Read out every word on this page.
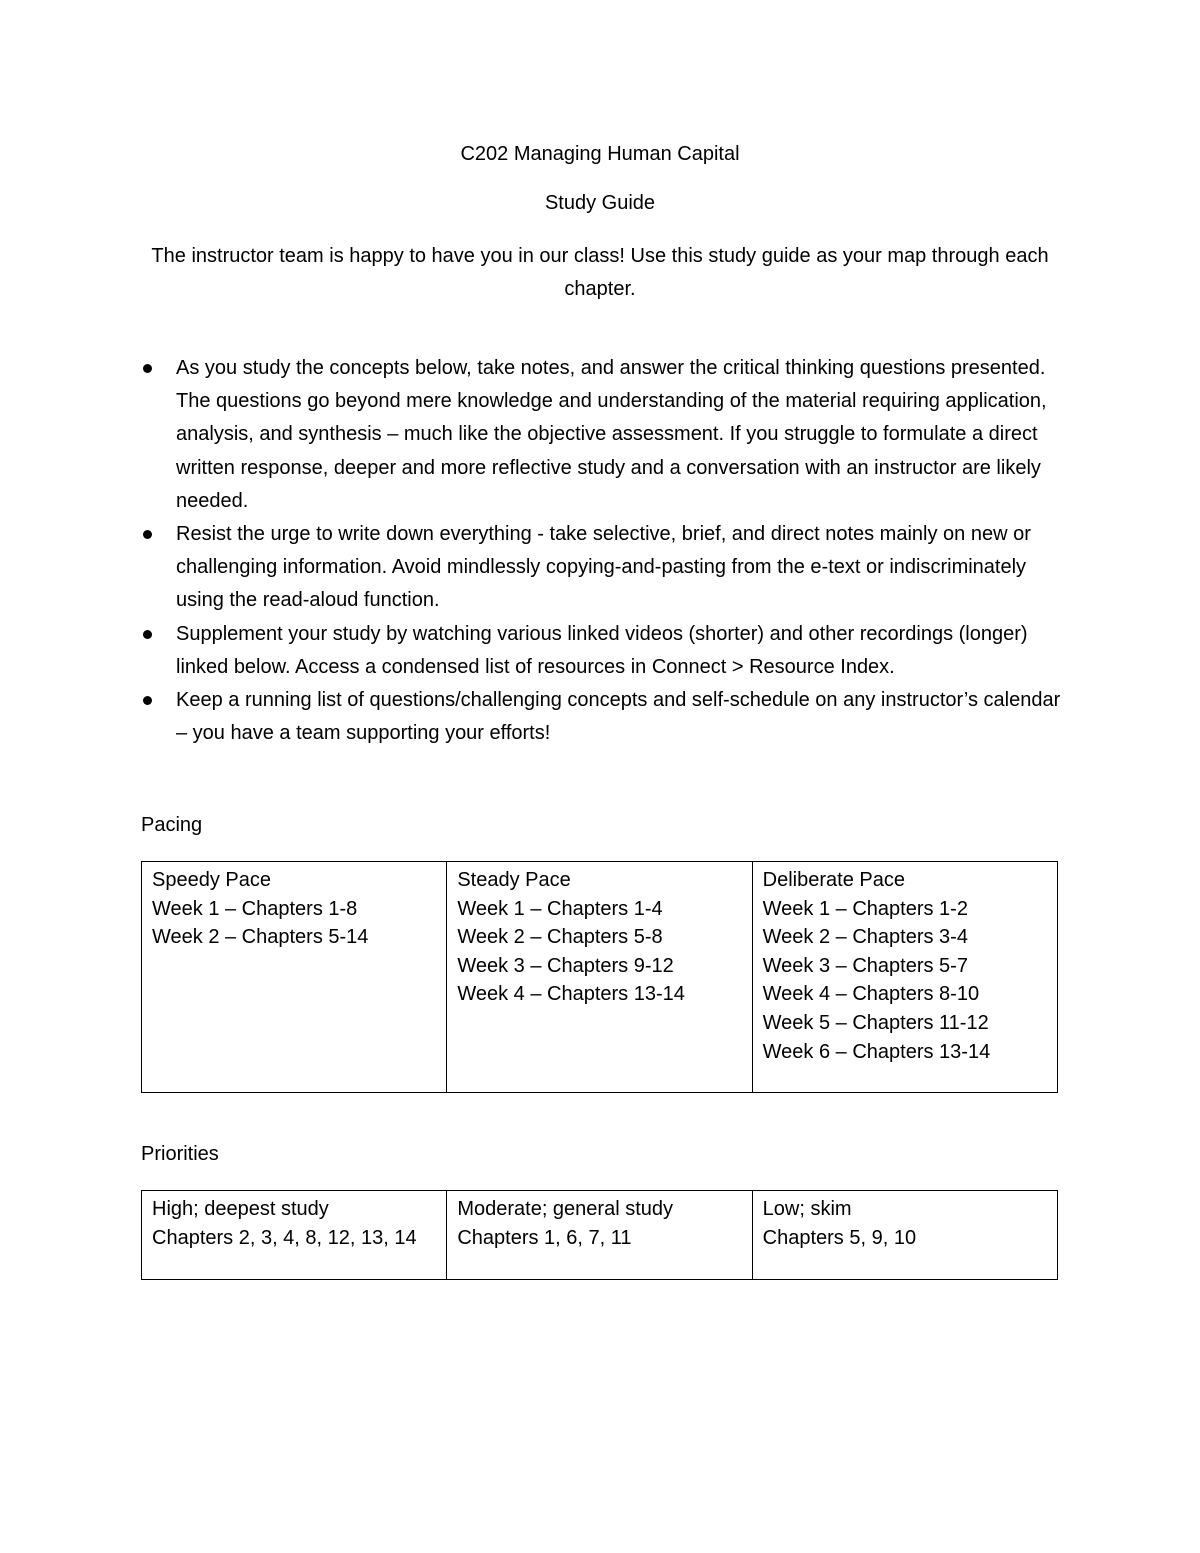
C202 Managing Human Capital
Study Guide
The instructor team is happy to have you in our class! Use this study guide as your map through each chapter.
As you study the concepts below, take notes, and answer the critical thinking questions presented. The questions go beyond mere knowledge and understanding of the material requiring application, analysis, and synthesis – much like the objective assessment. If you struggle to formulate a direct written response, deeper and more reflective study and a conversation with an instructor are likely needed.
Resist the urge to write down everything - take selective, brief, and direct notes mainly on new or challenging information. Avoid mindlessly copying-and-pasting from the e-text or indiscriminately using the read-aloud function.
Supplement your study by watching various linked videos (shorter) and other recordings (longer) linked below. Access a condensed list of resources in Connect > Resource Index.
Keep a running list of questions/challenging concepts and self-schedule on any instructor’s calendar – you have a team supporting your efforts!
Pacing
Speedy Pace
Week 1 – Chapters 1-8
Week 2 – Chapters 5-14

Steady Pace
Week 1 – Chapters 1-4
Week 2 – Chapters 5-8
Week 3 – Chapters 9-12
Week 4 – Chapters 13-14

Deliberate Pace
Week 1 – Chapters 1-2
Week 2 – Chapters 3-4
Week 3 – Chapters 5-7
Week 4 – Chapters 8-10
Week 5 – Chapters 11-12
Week 6 – Chapters 13-14
Priorities
High; deepest study
Chapters 2, 3, 4, 8, 12, 13, 14

Moderate; general study
Chapters 1, 6, 7, 11

Low; skim
Chapters 5, 9, 10
